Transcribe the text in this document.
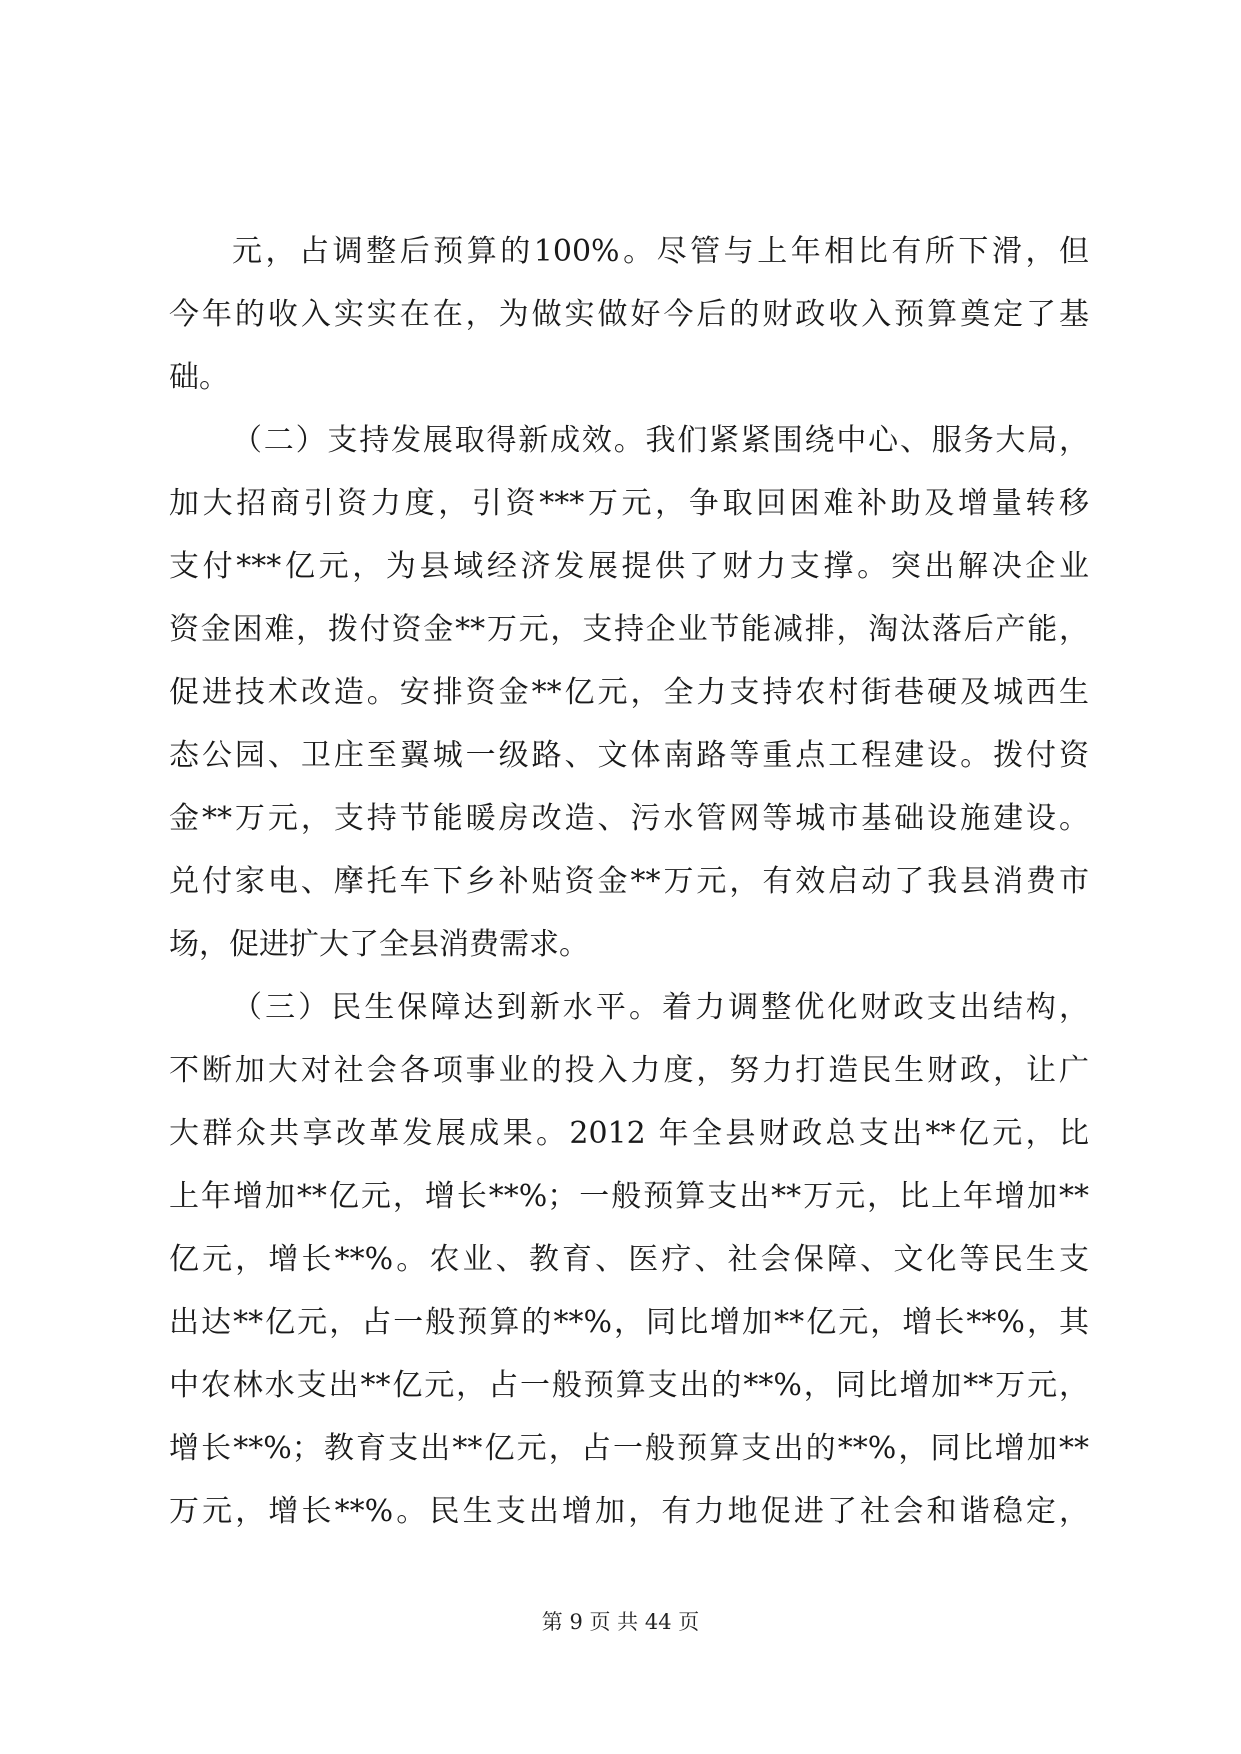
元，占调整后预算的100%。尽管与上年相比有所下滑，但
今年的收入实实在在，为做实做好今后的财政收入预算奠定了基
础。
（二）支持发展取得新成效。我们紧紧围绕中心、服务大局，
加大招商引资力度，引资***万元，争取回困难补助及增量转移
支付***亿元，为县域经济发展提供了财力支撑。突出解决企业
资金困难，拨付资金**万元，支持企业节能减排，淘汰落后产能，
促进技术改造。安排资金**亿元，全力支持农村街巷硬及城西生
态公园、卫庄至翼城一级路、文体南路等重点工程建设。拨付资
金**万元，支持节能暖房改造、污水管网等城市基础设施建设。
兑付家电、摩托车下乡补贴资金**万元，有效启动了我县消费市
场，促进扩大了全县消费需求。
（三）民生保障达到新水平。着力调整优化财政支出结构，
不断加大对社会各项事业的投入力度，努力打造民生财政，让广
大群众共享改革发展成果。2012 年全县财政总支出**亿元，比
上年增加**亿元，增长**%；一般预算支出**万元，比上年增加**
亿元，增长**%。农业、教育、医疗、社会保障、文化等民生支
出达**亿元，占一般预算的**%，同比增加**亿元，增长**%，其
中农林水支出**亿元，占一般预算支出的**%，同比增加**万元，
增长**%；教育支出**亿元，占一般预算支出的**%，同比增加**
万元，增长**%。民生支出增加，有力地促进了社会和谐稳定，
第 9 页 共 44 页
